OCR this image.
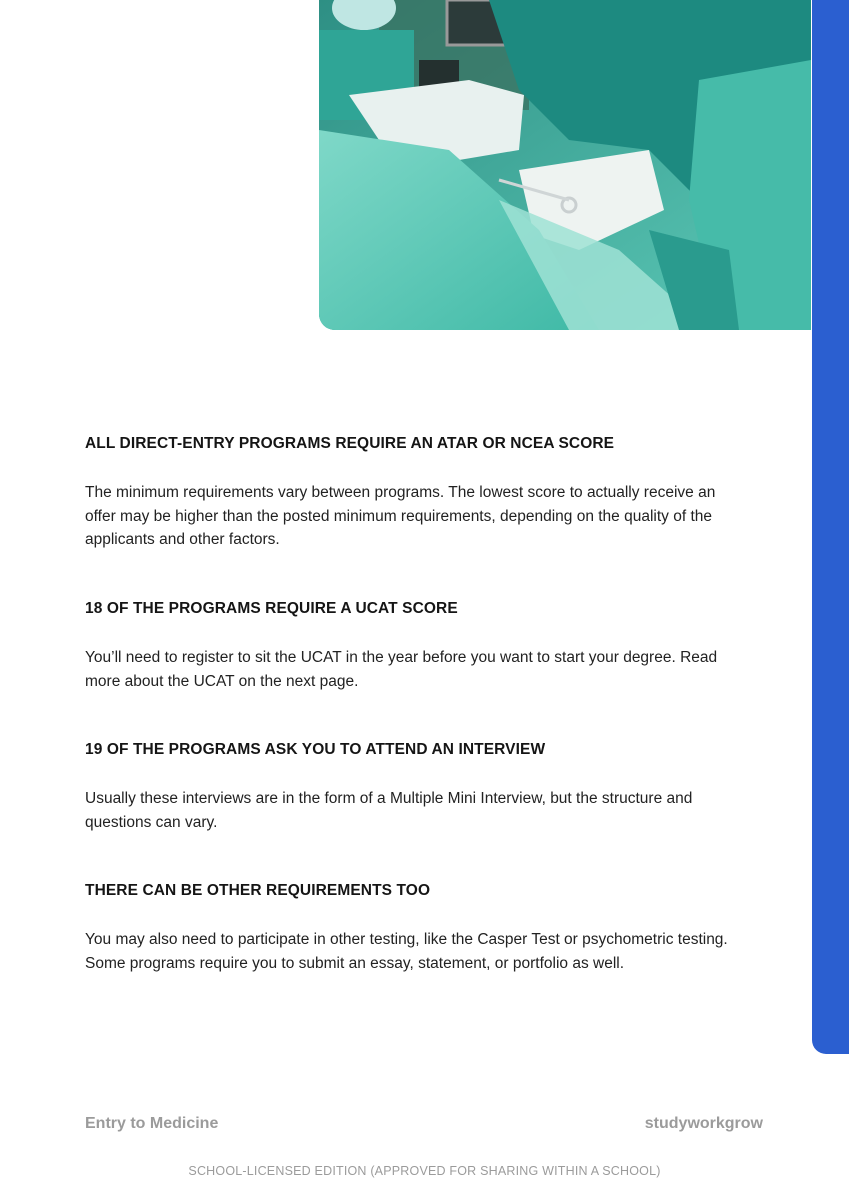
ALL DIRECT-ENTRY PROGRAMS REQUIRE AN ATAR OR NCEA SCORE

The minimum requirements vary between programs. The lowest score to actually receive an offer may be higher than the posted minimum requirements, depending on the quality of the applicants and other factors.

18 OF THE PROGRAMS REQUIRE A UCAT SCORE

You’ll need to register to sit the UCAT in the year before you want to start your degree. Read more about the UCAT on the next page.

19 OF THE PROGRAMS ASK YOU TO ATTEND AN INTERVIEW

Usually these interviews are in the form of a Multiple Mini Interview, but the structure and questions can vary.

THERE CAN BE OTHER REQUIREMENTS TOO

You may also need to participate in other testing, like the Casper Test or psychometric testing. Some programs require you to submit an essay, statement, or portfolio as well.

Entry to Medicine	studyworkgrow
SCHOOL-LICENSED EDITION (APPROVED FOR SHARING WITHIN A SCHOOL)
